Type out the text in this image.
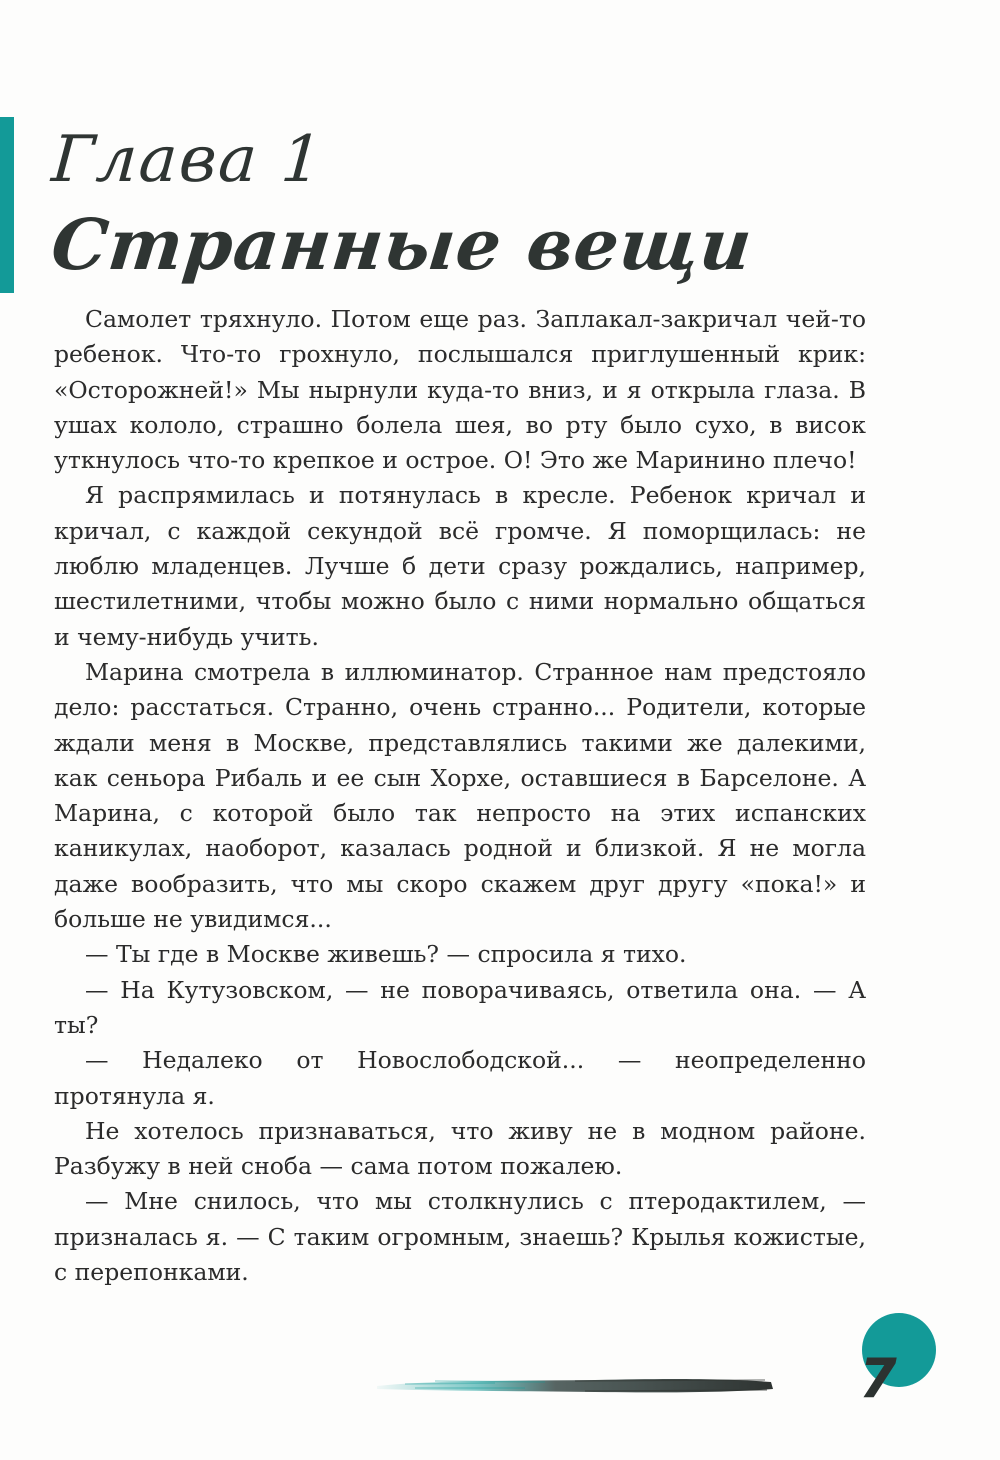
Глава 1
Странные вещи

Самолет тряхнуло. Потом еще раз. Заплакал-закричал чей-то ребенок. Что-то грохнуло, послышался приглушенный крик: «Осторожней!» Мы нырнули куда-то вниз, и я открыла глаза. В ушах кололо, страшно болела шея, во рту было сухо, в висок уткнулось что-то крепкое и острое. О! Это же Маринино плечо!

Я распрямилась и потянулась в кресле. Ребенок кричал и кричал, с каждой секундой всё громче. Я поморщилась: не люблю младенцев. Лучше б дети сразу рождались, например, шестилетними, чтобы можно было с ними нормально общаться и чему-нибудь учить.

Марина смотрела в иллюминатор. Странное нам предстояло дело: расстаться. Странно, очень странно... Родители, которые ждали меня в Москве, представлялись такими же далекими, как сеньора Рибаль и ее сын Хорхе, оставшиеся в Барселоне. А Марина, с которой было так непросто на этих испанских каникулах, наоборот, казалась родной и близкой. Я не могла даже вообразить, что мы скоро скажем друг другу «пока!» и больше не увидимся...

— Ты где в Москве живешь? — спросила я тихо.

— На Кутузовском, — не поворачиваясь, ответила она. — А ты?

— Недалеко от Новослободской... — неопределенно протянула я.

Не хотелось признаваться, что живу не в модном районе. Разбужу в ней сноба — сама потом пожалею.

— Мне снилось, что мы столкнулись с птеродактилем, — призналась я. — С таким огромным, знаешь? Крылья кожистые, с перепонками.

7
